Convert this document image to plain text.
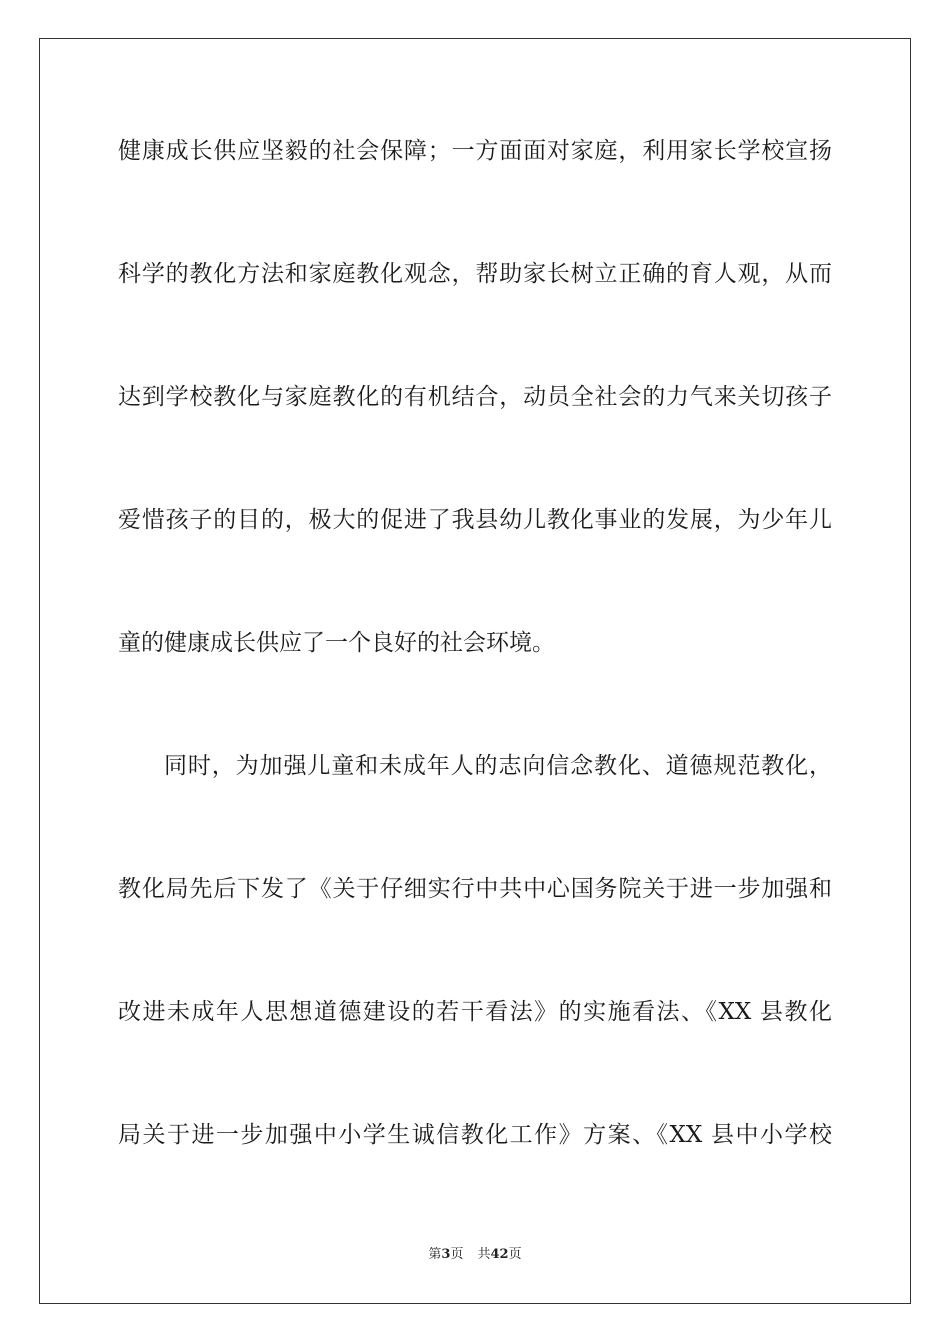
健康成长供应坚毅的社会保障；一方面面对家庭，利用家长学校宣扬
科学的教化方法和家庭教化观念，帮助家长树立正确的育人观，从而
达到学校教化与家庭教化的有机结合，动员全社会的力气来关切孩子
爱惜孩子的目的，极大的促进了我县幼儿教化事业的发展，为少年儿
童的健康成长供应了一个良好的社会环境。
同时，为加强儿童和未成年人的志向信念教化、道德规范教化，
教化局先后下发了《关于仔细实行中共中心国务院关于进一步加强和
改进未成年人思想道德建设的若干看法》的实施看法、《XX 县教化
局关于进一步加强中小学生诚信教化工作》方案、《XX 县中小学校
第3页 共42页
